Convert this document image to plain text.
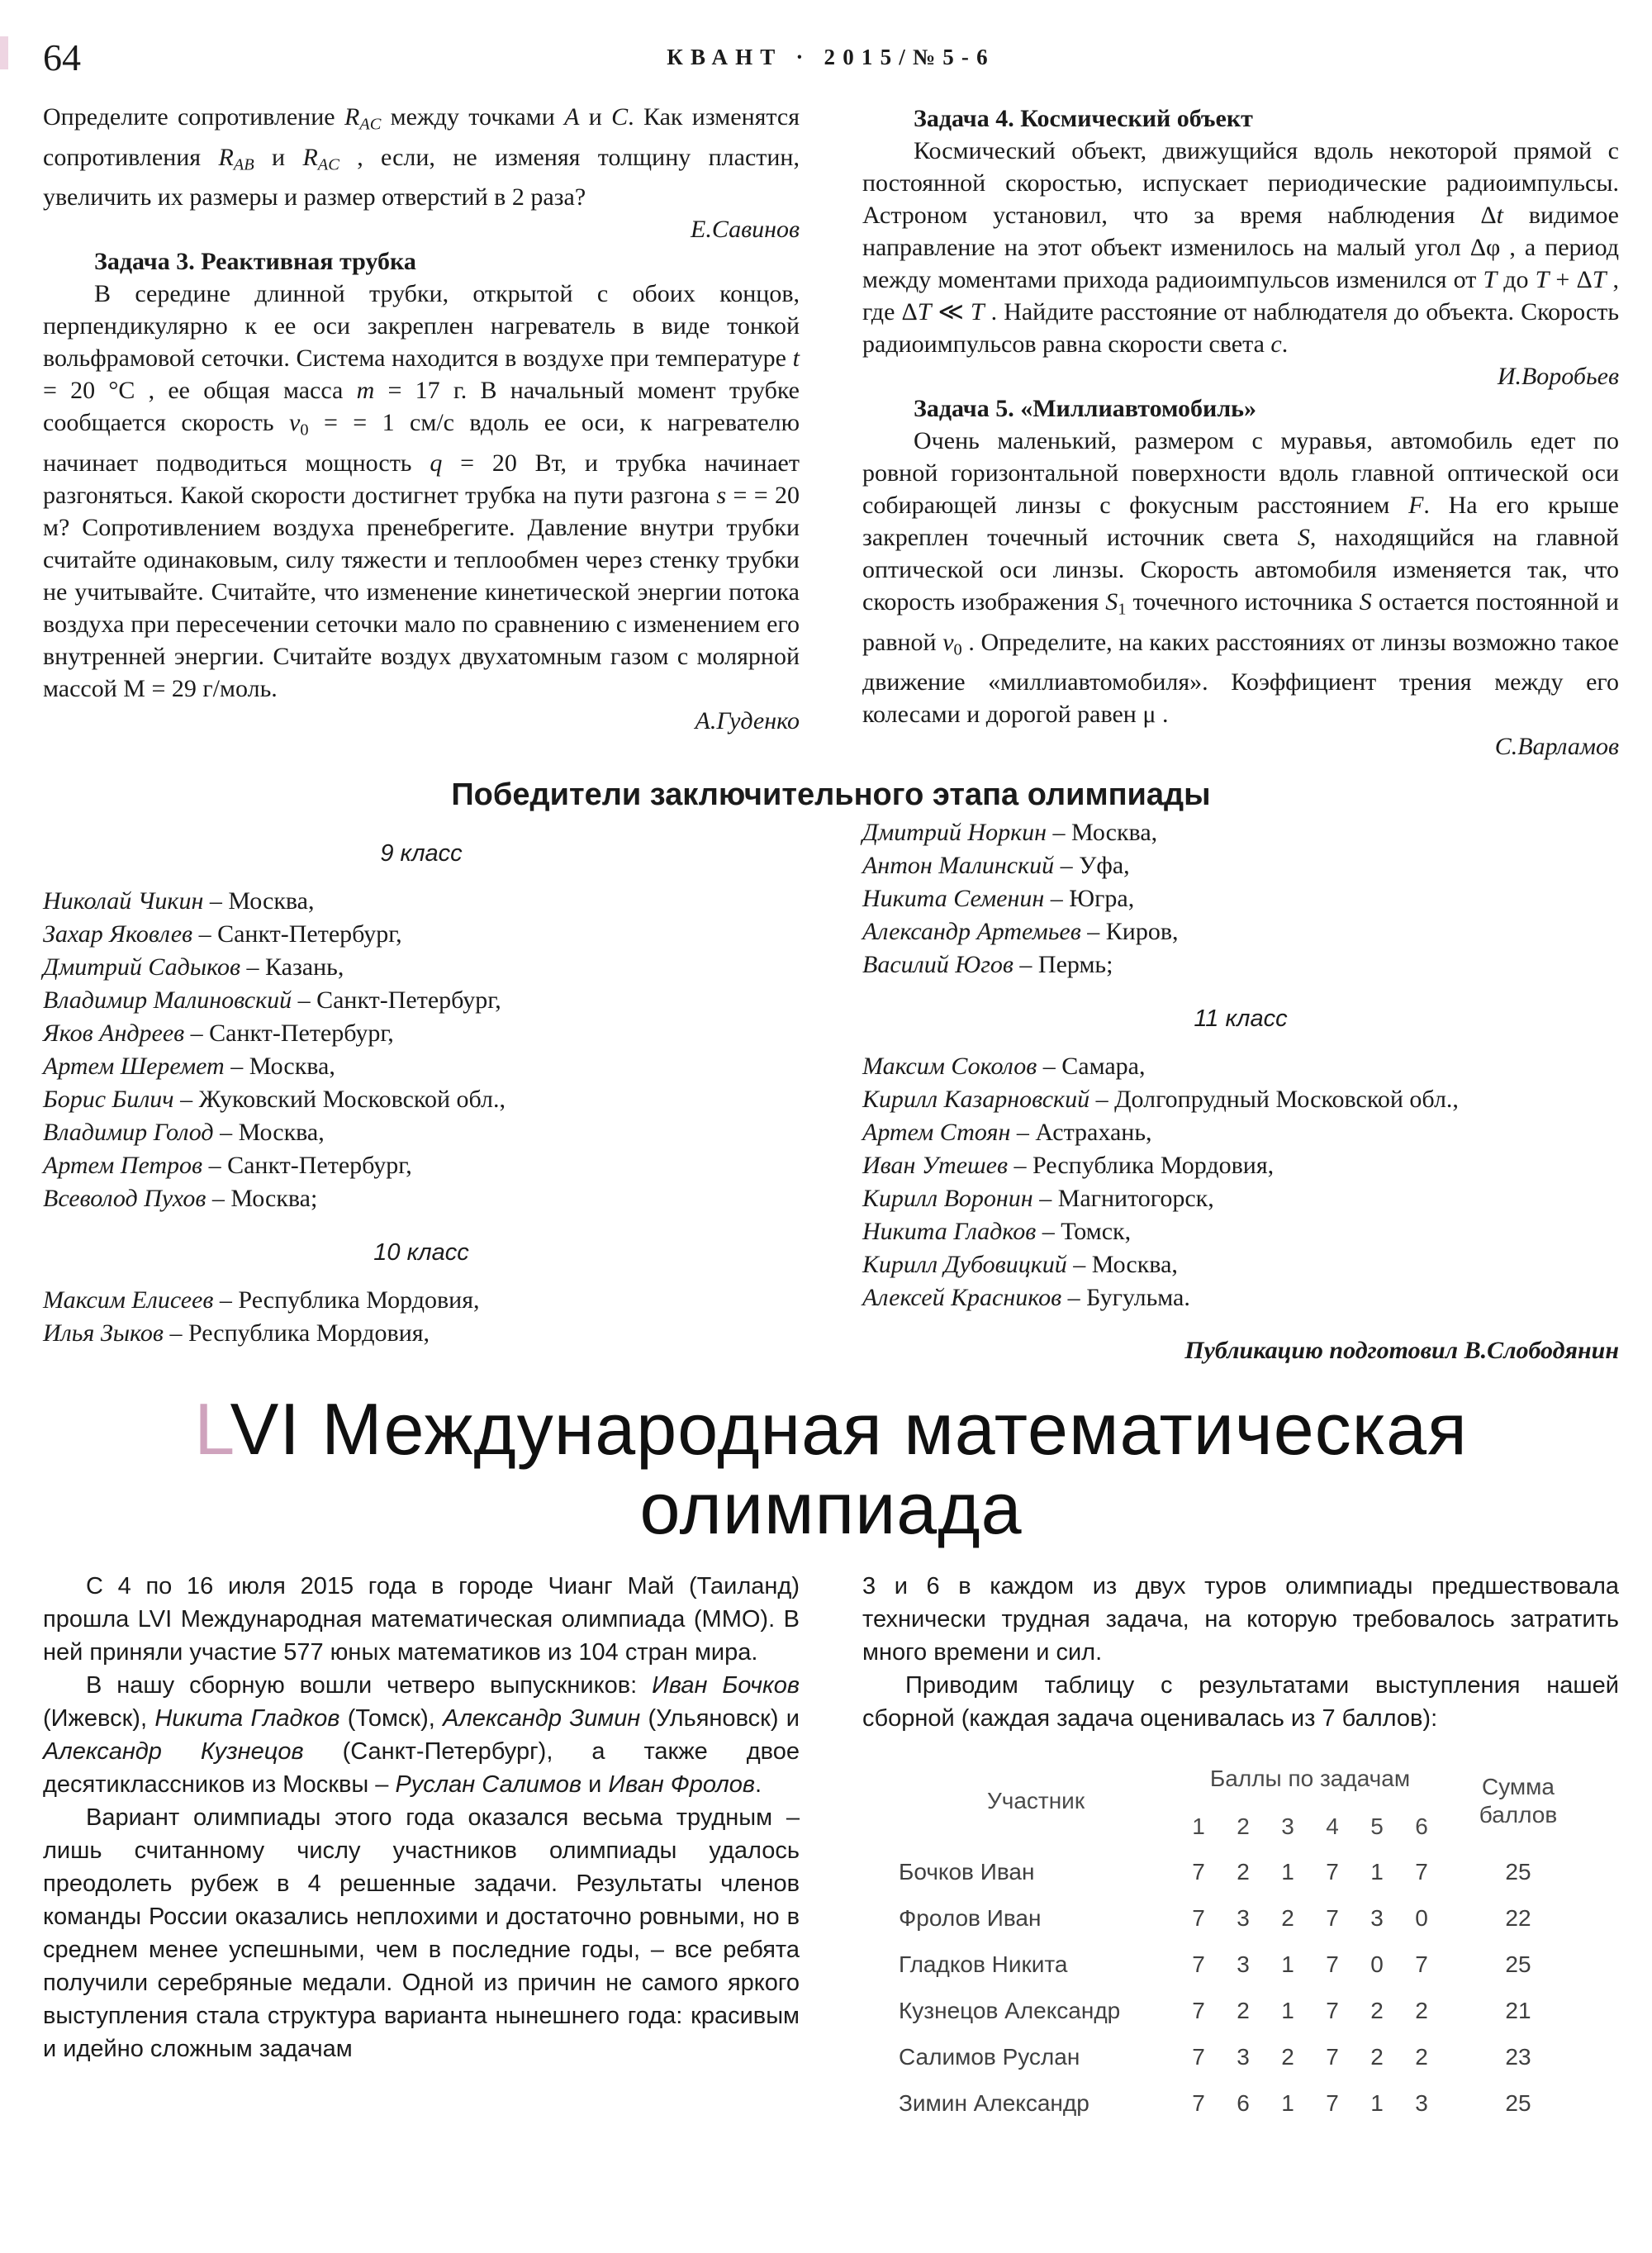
64	КВАНТ · 2015/№5-6

Определите сопротивление RAC между точками A и C. Как изменятся сопротивления RAB и RAC , если, не изменяя толщину пластин, увеличить их размеры и размер отверстий в 2 раза?

Е.Савинов

Задача 3. Реактивная трубка

В середине длинной трубки, открытой с обоих концов, перпендикулярно к ее оси закреплен нагреватель в виде тонкой вольфрамовой сеточки. Система находится в воздухе при температуре t = 20 °C , ее общая масса m = 17 г. В начальный момент трубке сообщается скорость v0 = = 1 см/с вдоль ее оси, к нагревателю начинает подводиться мощность q = 20 Вт, и трубка начинает разгоняться. Какой скорости достигнет трубка на пути разгона s = = 20 м? Сопротивлением воздуха пренебрегите. Давление внутри трубки считайте одинаковым, силу тяжести и теплообмен через стенку трубки не учитывайте. Считайте, что изменение кинетической энергии потока воздуха при пересечении сеточки мало по сравнению с изменением его внутренней энергии. Считайте воздух двухатомным газом с молярной массой М = 29 г/моль.

А.Гуденко

Задача 4. Космический объект

Космический объект, движущийся вдоль некоторой прямой с постоянной скоростью, испускает периодические радиоимпульсы. Астроном установил, что за время наблюдения Δt видимое направление на этот объект изменилось на малый угол Δφ , а период между моментами прихода радиоимпульсов изменился от T до T + ΔT , где ΔT ≪ T . Найдите расстояние от наблюдателя до объекта. Скорость радиоимпульсов равна скорости света c.

И.Воробьев

Задача 5. «Миллиавтомобиль»

Очень маленький, размером с муравья, автомобиль едет по ровной горизонтальной поверхности вдоль главной оптической оси собирающей линзы с фокусным расстоянием F. На его крыше закреплен точечный источник света S, находящийся на главной оптической оси линзы. Скорость автомобиля изменяется так, что скорость изображения S1 точечного источника S остается постоянной и равной v0 . Определите, на каких расстояниях от линзы возможно такое движение «миллиавтомобиля». Коэффициент трения между его колесами и дорогой равен μ .

С.Варламов

Победители заключительного этапа олимпиады
9 класс
Николай Чикин – Москва,
Захар Яковлев – Санкт-Петербург,
Дмитрий Садыков – Казань,
Владимир Малиновский – Санкт-Петербург,
Яков Андреев – Санкт-Петербург,
Артем Шеремет – Москва,
Борис Билич – Жуковский Московской обл.,
Владимир Голод – Москва,
Артем Петров – Санкт-Петербург,
Всеволод Пухов – Москва;
10 класс
Максим Елисеев – Республика Мордовия,
Илья Зыков – Республика Мордовия,
Дмитрий Норкин – Москва,
Антон Малинский – Уфа,
Никита Семенин – Югра,
Александр Артемьев – Киров,
Василий Югов – Пермь;
11 класс
Максим Соколов – Самара,
Кирилл Казарновский – Долгопрудный Московской обл.,
Артем Стоян – Астрахань,
Иван Утешев – Республика Мордовия,
Кирилл Воронин – Магнитогорск,
Никита Гладков – Томск,
Кирилл Дубовицкий – Москва,
Алексей Красников – Бугульма.
Публикацию подготовил В.Слободянин
LVI Международная математическая
олимпиада

С 4 по 16 июля 2015 года в городе Чианг Май (Таиланд) прошла LVI Международная математическая олимпиада (ММО). В ней приняли участие 577 юных математиков из 104 стран мира.

В нашу сборную вошли четверо выпускников: Иван Бочков (Ижевск), Никита Гладков (Томск), Александр Зимин (Ульяновск) и Александр Кузнецов (Санкт-Петербург), а также двое десятиклассников из Москвы – Руслан Салимов и Иван Фролов.

Вариант олимпиады этого года оказался весьма трудным – лишь считанному числу участников олимпиады удалось преодолеть рубеж в 4 решенные задачи. Результаты членов команды России оказались неплохими и достаточно ровными, но в среднем менее успешными, чем в последние годы, – все ребята получили серебряные медали. Одной из причин не самого яркого выступления стала структура варианта нынешнего года: красивым и идейно сложным задачам

3 и 6 в каждом из двух туров олимпиады предшествовала технически трудная задача, на которую требовалось затратить много времени и сил.

Приводим таблицу с результатами выступления нашей сборной (каждая задача оценивалась из 7 баллов):

Участник
Баллы по задачам	Сумма баллов
1	2	3	4	5	6
Бочков Иван	7	2	1	7	1	7	25
Фролов Иван	7	3	2	7	3	0	22
Гладков Никита	7	3	1	7	0	7	25
Кузнецов Александр	7	2	1	7	2	2	21
Салимов Руслан	7	3	2	7	2	2	23
Зимин Александр	7	6	1	7	1	3	25
